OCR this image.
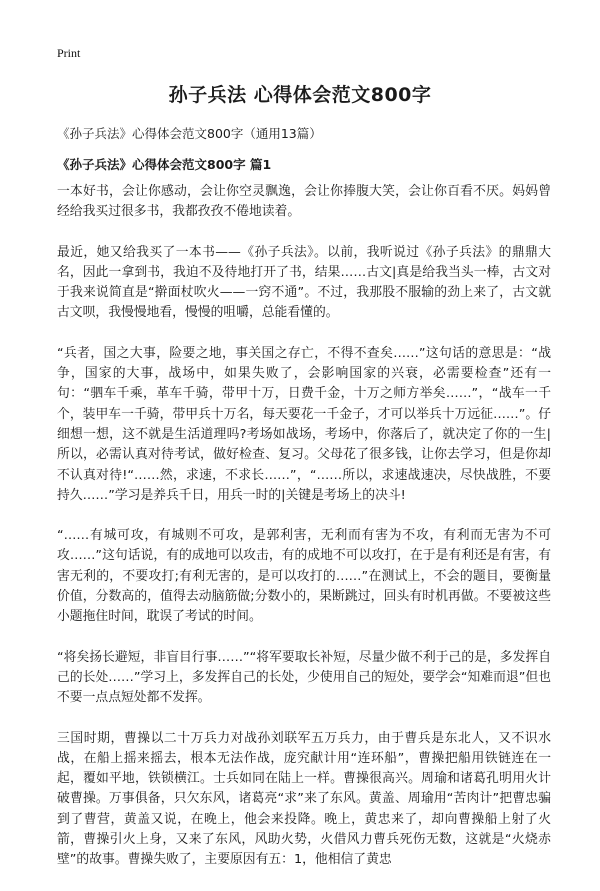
Print
孙子兵法 心得体会范文800字

《孙子兵法》心得体会范文800字（通用13篇）

《孙子兵法》心得体会范文800字 篇1

一本好书，会让你感动，会让你空灵飘逸，会让你捧腹大笑，会让你百看不厌。妈妈曾经给我买过很多书，我都孜孜不倦地读着。

最近，她又给我买了一本书——《孙子兵法》。以前，我听说过《孙子兵法》的鼎鼎大名，因此一拿到书，我迫不及待地打开了书，结果……古文|真是给我当头一棒，古文对于我来说简直是“擀面杖吹火——一窍不通”。不过，我那股不服输的劲上来了，古文就古文呗，我慢慢地看，慢慢的咀嚼，总能看懂的。

“兵者，国之大事，险要之地，事关国之存亡，不得不查矣……”这句话的意思是：“战争，国家的大事，战场中，如果失败了，会影响国家的兴衰，必需要检查”还有一句：“驷车千乘，革车千骑，带甲十万，日费千金，十万之师方举矣……”，“战车一千个，装甲车一千骑，带甲兵十万名，每天要花一千金子，才可以举兵十万远征……”。仔细想一想，这不就是生活道理吗?考场如战场，考场中，你落后了，就决定了你的一生|所以，必需认真对待考试，做好检查、复习。父母花了很多钱，让你去学习，但是你却不认真对待!“……然，求速，不求长……”，“……所以，求速战速决，尽快战胜，不要持久……”学习是养兵千日，用兵一时的|关键是考场上的决斗!

“……有城可攻，有城则不可攻，是郭利害，无利而有害为不攻，有利而无害为不可攻……”这句话说，有的成地可以攻击，有的成地不可以攻打，在于是有利还是有害，有害无利的，不要攻打;有利无害的，是可以攻打的……”在测试上，不会的题目，要衡量价值，分数高的，值得去动脑筋做;分数小的，果断跳过，回头有时机再做。不要被这些小题拖住时间，耽误了考试的时间。

“将矣扬长避短，非盲目行事……”“将军要取长补短，尽量少做不利于己的是，多发挥自己的长处……”学习上，多发挥自己的长处，少使用自己的短处，要学会“知难而退”但也不要一点点短处都不发挥。

三国时期，曹操以二十万兵力对战孙刘联军五万兵力，由于曹兵是东北人，又不识水战，在船上摇来摇去，根本无法作战，庞究献计用“连环船”，曹操把船用铁链连在一起，覆如平地，铁锁横江。士兵如同在陆上一样。曹操很高兴。周瑜和诸葛孔明用火计破曹操。万事俱备，只欠东风，诸葛亮“求”来了东风。黄盖、周瑜用“苦肉计”把曹忠骗到了曹营，黄盖又说，在晚上，他会来投降。晚上，黄忠来了，却向曹操船上射了火箭，曹操引火上身，又来了东风，风助火势，火借风力曹兵死伤无数，这就是“火烧赤壁”的故事。曹操失败了，主要原因有五：1，他相信了黄忠
